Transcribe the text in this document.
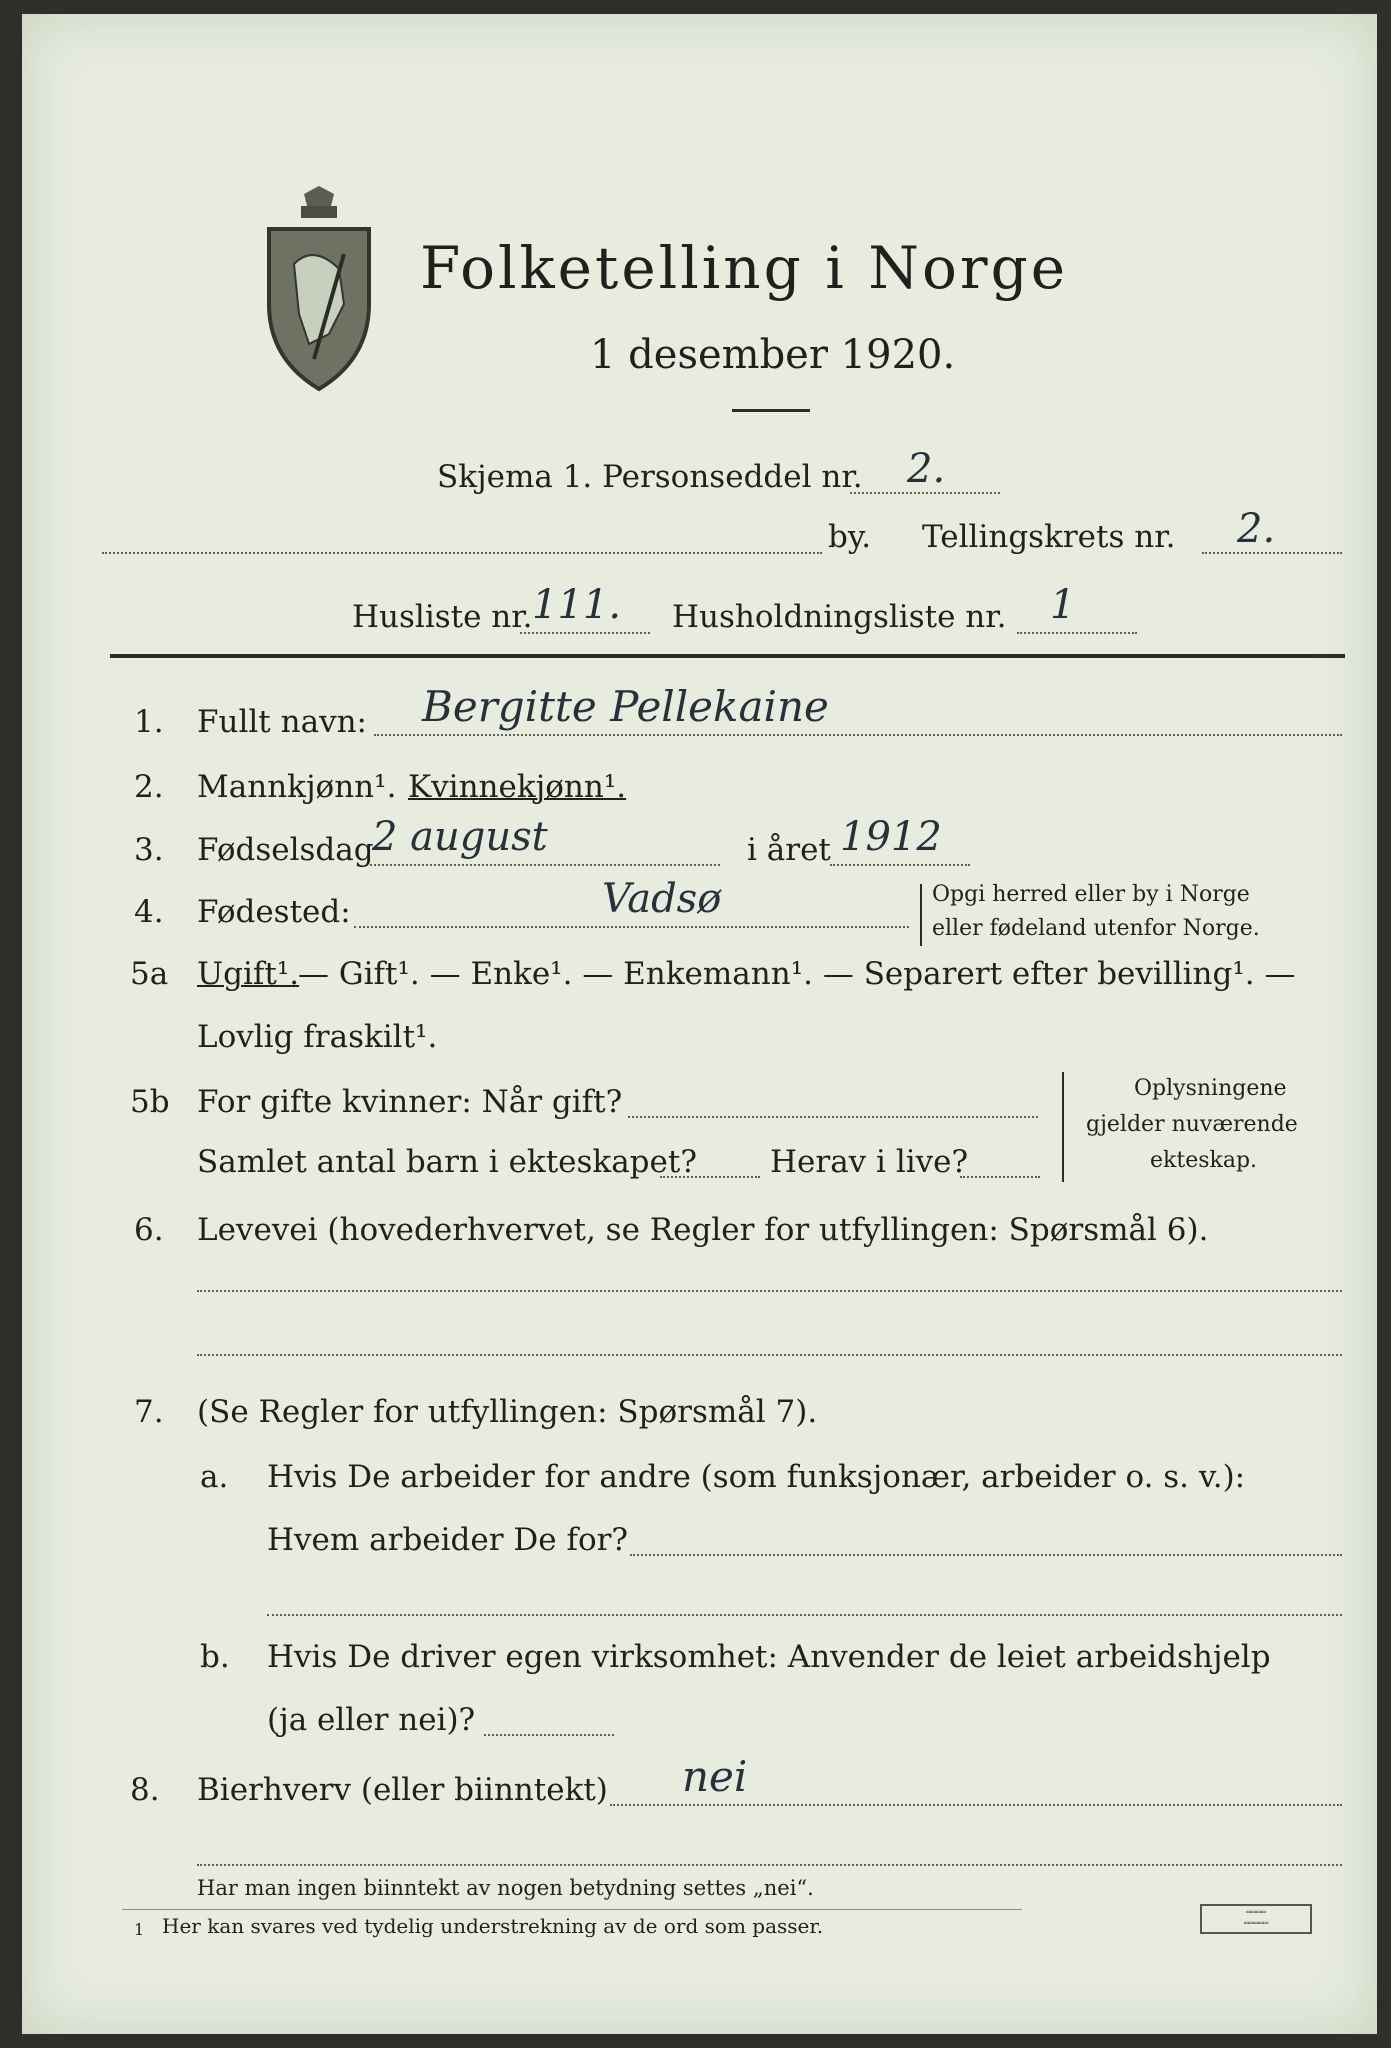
Folketelling i Norge
1 desember 1920.
Skjema 1. Personseddel nr. 2.
by. Tellingskrets nr. 2.
Husliste nr. 111. Husholdningsliste nr. 1
1. Fullt navn: Bergitte Pellekaine
2. Mannkjønn¹. Kvinnekjønn¹.
3. Fødselsdag
2 august	i året 1912
4. Fødested:	Vadsø	Opgi herred eller by i Norge
eller fødeland utenfor Norge.
5a Ugift¹.
— Gift¹. — Enke¹. — Enkemann¹. — Separert efter bevilling¹. —
Lovlig fraskilt¹.
5b For gifte kvinner: Når gift?
Samlet antal barn i ekteskapet? Herav i live?
Oplysningene
gjelder nuværende
ekteskap.
6. Levevei (hovederhvervet, se Regler for utfyllingen: Spørsmål 6).
7. (Se Regler for utfyllingen: Spørsmål 7).
a. Hvis De arbeider for andre (som funksjonær, arbeider o. s. v.):
Hvem arbeider De for?
b. Hvis De driver egen virksomhet: Anvender de leiet arbeidshjelp
(ja eller nei)?
8. Bierhverv (eller biinntekt) nei
Har man ingen biinntekt av nogen betydning settes „nei“.
1 Her kan svares ved tydelig understrekning av de ord som passer.
▭▭▭▭
▭▭▭▭▭
